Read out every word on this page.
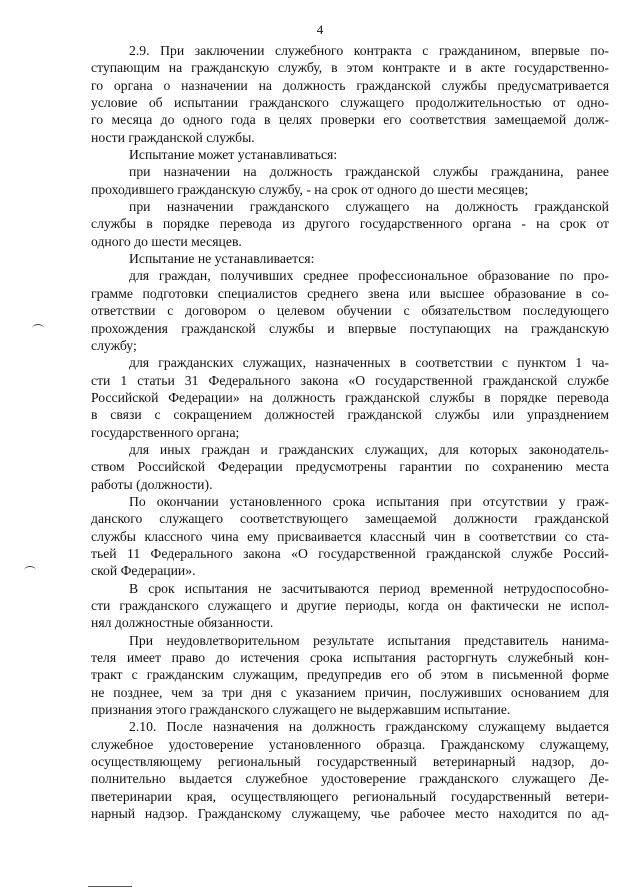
4
2.9. При заключении служебного контракта с гражданином, впервые по-
ступающим на гражданскую службу, в этом контракте и в акте государственно-
го органа о назначении на должность гражданской службы предусматривается
условие об испытании гражданского служащего продолжительностью от одно-
го месяца до одного года в целях проверки его соответствия замещаемой долж-
ности гражданской службы.
Испытание может устанавливаться:
при назначении на должность гражданской службы гражданина, ранее
проходившего гражданскую службу, - на срок от одного до шести месяцев;
при назначении гражданского служащего на должность гражданской
службы в порядке перевода из другого государственного органа - на срок от
одного до шести месяцев.
Испытание не устанавливается:
для граждан, получивших среднее профессиональное образование по про-
грамме подготовки специалистов среднего звена или высшее образование в со-
ответствии с договором о целевом обучении с обязательством последующего
прохождения гражданской службы и впервые поступающих на гражданскую
службу;
для гражданских служащих, назначенных в соответствии с пунктом 1 ча-
сти 1 статьи 31 Федерального закона «О государственной гражданской службе
Российской Федерации» на должность гражданской службы в порядке перевода
в связи с сокращением должностей гражданской службы или упразднением
государственного органа;
для иных граждан и гражданских служащих, для которых законодатель-
ством Российской Федерации предусмотрены гарантии по сохранению места
работы (должности).
По окончании установленного срока испытания при отсутствии у граж-
данского служащего соответствующего замещаемой должности гражданской
службы классного чина ему присваивается классный чин в соответствии со ста-
тьей 11 Федерального закона «О государственной гражданской службе Россий-
ской Федерации».
В срок испытания не засчитываются период временной нетрудоспособно-
сти гражданского служащего и другие периоды, когда он фактически не испол-
нял должностные обязанности.
При неудовлетворительном результате испытания представитель нанима-
теля имеет право до истечения срока испытания расторгнуть служебный кон-
тракт с гражданским служащим, предупредив его об этом в письменной форме
не позднее, чем за три дня с указанием причин, послуживших основанием для
признания этого гражданского служащего не выдержавшим испытание.
2.10. После назначения на должность гражданскому служащему выдается
служебное удостоверение установленного образца. Гражданскому служащему,
осуществляющему региональный государственный ветеринарный надзор, до-
полнительно выдается служебное удостоверение гражданского служащего Де-
пветеринарии края, осуществляющего региональный государственный ветери-
нарный надзор. Гражданскому служащему, чье рабочее место находится по ад-
